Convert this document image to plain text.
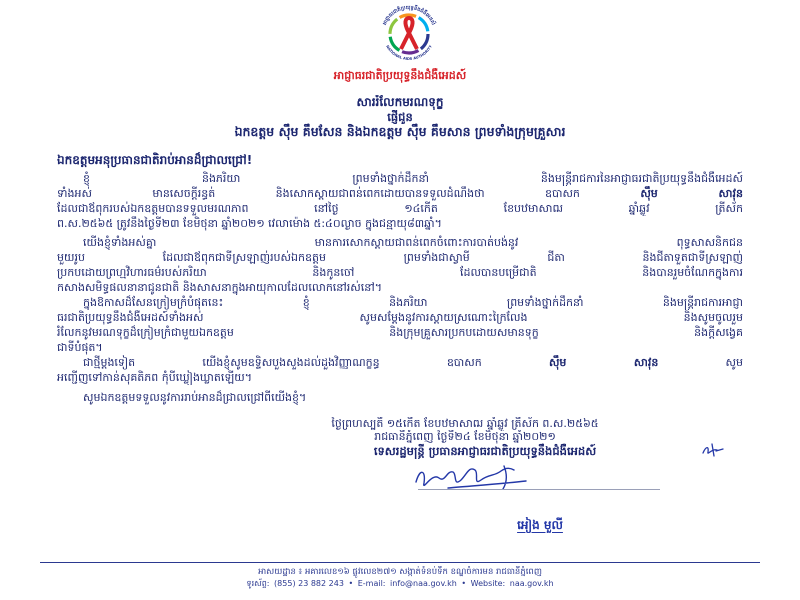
អាជ្ញាធរជាតិប្រយុទ្ធនឹងជំងឺអេដស៍
NATIONAL AIDS AUTHORITY
អាជ្ញាធរជាតិប្រយុទ្ធនឹងជំងឺអេដស៍
សាររំលែកមរណទុក្ខ
ផ្ញើជូន
ឯកឧត្តម ស៊ឹម គឹមសែន និងឯកឧត្តម ស៊ឹម គឹមសាន ព្រមទាំងក្រុមគ្រួសារ
ឯកឧត្តមអនុប្រធានជាតិរាប់អានដ៏ជ្រាលជ្រៅ!
ខ្ញុំ និងភរិយា ព្រមទាំងថ្នាក់ដឹកនាំ និងមន្ត្រីរាជការនៃអាជ្ញាធរជាតិប្រយុទ្ធនឹងជំងឺអេដស៍
ទាំងអស់ មានសេចក្តីរន្ធត់ និងសោកស្តាយជាពន់ពេកដោយបានទទួលដំណឹងថា ឧបាសក ស៊ឹម សាវុន
ដែលជាឪពុករបស់ឯកឧត្តមបានទទួលមរណភាព នៅថ្ងៃ ១៤កើត ខែបឋមាសាឍ ឆ្នាំឆ្លូវ ត្រីស័ក
ព.ស.២៥៦៥ ត្រូវនឹងថ្ងៃទី២៣ ខែមិថុនា ឆ្នាំ២០២១ វេលាម៉ោង ៥:៤០ល្ងាច ក្នុងជន្មាយុ៨៣ឆ្នាំ។
យើងខ្ញុំទាំងអស់គ្នា មានការសោកស្តាយជាពន់ពេកចំពោះការបាត់បង់នូវ ពុទ្ធសាសនិកជន
មួយរូប ដែលជាឪពុកជាទីស្រឡាញ់របស់ឯកឧត្តម ព្រមទាំងជាស្វាមី ជីតា និងជីតាទួតជាទីស្រឡាញ់
ប្រកបដោយព្រហ្មវិហារធម៌របស់ភរិយា និងកូនចៅ ដែលបានបម្រើជាតិ និងបានរួមចំណែកក្នុងការ
កសាងសមិទ្ធផលនានាជូនជាតិ និងសាសនាក្នុងអាយុកាលដែលលោកនៅរស់នៅ។
ក្នុងឱកាសដ៏សែនក្រៀមក្រំបំផុតនេះ ខ្ញុំ និងភរិយា ព្រមទាំងថ្នាក់ដឹកនាំ និងមន្ត្រីរាជការអាជ្ញា
ធរជាតិប្រយុទ្ធនឹងជំងឺអេដស៍ទាំងអស់ សូមសម្តែងនូវការស្តាយស្រណោះក្រៃលែង និងសូមចូលរួម
រំលែកនូវមរណទុក្ខដ៏ក្រៀមក្រំជាមួយឯកឧត្តម និងក្រុមគ្រួសារប្រកបដោយសមានទុក្ខ និងក្តីសង្វេគ
ជាទីបំផុត។
ជាថ្មីម្តងទៀត យើងខ្ញុំសូមឧទ្ទិសបួងសួងដល់ដួងវិញ្ញាណក្ខន្ធ ឧបាសក ស៊ឹម សាវុន សូម
អញ្ជើញទៅកាន់សុគតិភព កុំបីឃ្លៀងឃ្លាតឡើយ។
សូមឯកឧត្តមទទួលនូវការរាប់អានដ៏ជ្រាលជ្រៅពីយើងខ្ញុំ។
ថ្ងៃព្រហស្បតិ៍ ១៥កើត ខែបឋមាសាឍ ឆ្នាំឆ្លូវ ត្រីស័ក ព.ស.២៥៦៥
រាជធានីភ្នំពេញ ថ្ងៃទី២៤ ខែមិថុនា ឆ្នាំ២០២១
ទេសរដ្ឋមន្ត្រី ប្រធានអាជ្ញាធរជាតិប្រយុទ្ធនឹងជំងឺអេដស៍
អៀង មួលី
អាសយដ្ឋាន ៖ អគារលេខ១៦ ផ្លូវលេខ២៧១ សង្កាត់ទំនប់ទឹក ខណ្ឌចំការមន រាជធានីភ្នំពេញ
ទូរស័ព្ទ: (855) 23 882 243 • E-mail: info@naa.gov.kh • Website: naa.gov.kh
